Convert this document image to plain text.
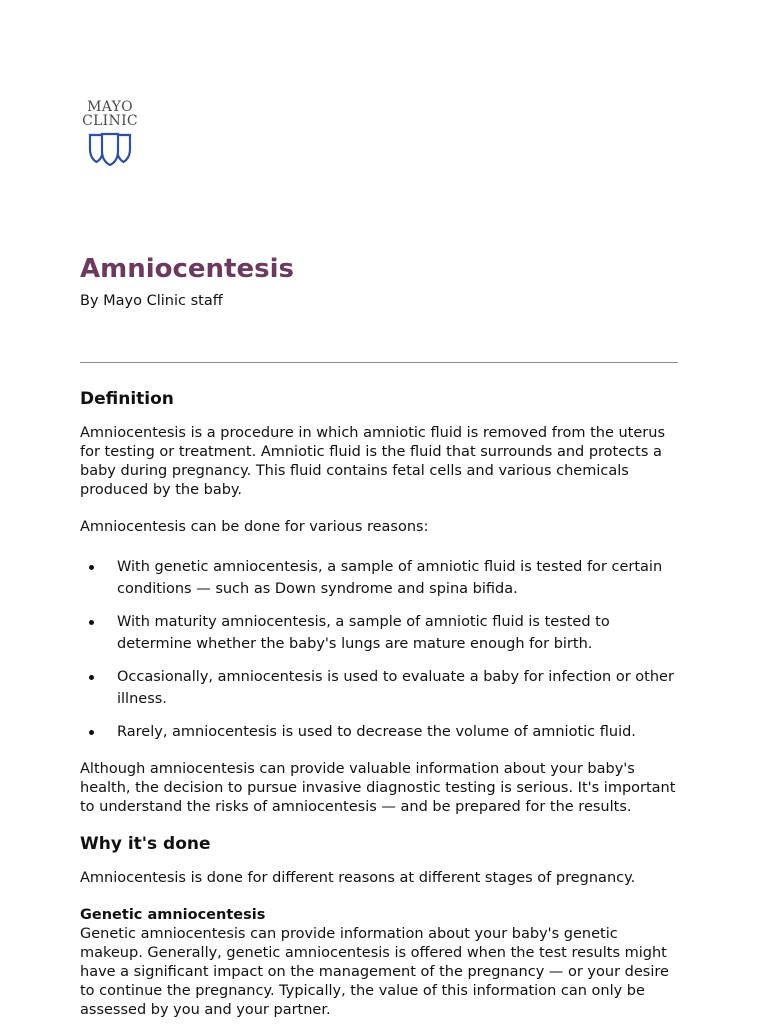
MAYO
CLINIC
Amniocentesis
By Mayo Clinic staff
Definition

Amniocentesis is a procedure in which amniotic fluid is removed from the uterus for testing or treatment. Amniotic fluid is the fluid that surrounds and protects a baby during pregnancy. This fluid contains fetal cells and various chemicals produced by the baby.

Amniocentesis can be done for various reasons:

With genetic amniocentesis, a sample of amniotic fluid is tested for certain conditions — such as Down syndrome and spina bifida.
With maturity amniocentesis, a sample of amniotic fluid is tested to determine whether the baby's lungs are mature enough for birth.
Occasionally, amniocentesis is used to evaluate a baby for infection or other illness.
Rarely, amniocentesis is used to decrease the volume of amniotic fluid.

Although amniocentesis can provide valuable information about your baby's health, the decision to pursue invasive diagnostic testing is serious. It's important to understand the risks of amniocentesis — and be prepared for the results.

Why it's done

Amniocentesis is done for different reasons at different stages of pregnancy.

Genetic amniocentesis

Genetic amniocentesis can provide information about your baby's genetic makeup. Generally, genetic amniocentesis is offered when the test results might have a significant impact on the management of the pregnancy — or your desire to continue the pregnancy. Typically, the value of this information can only be assessed by you and your partner.
